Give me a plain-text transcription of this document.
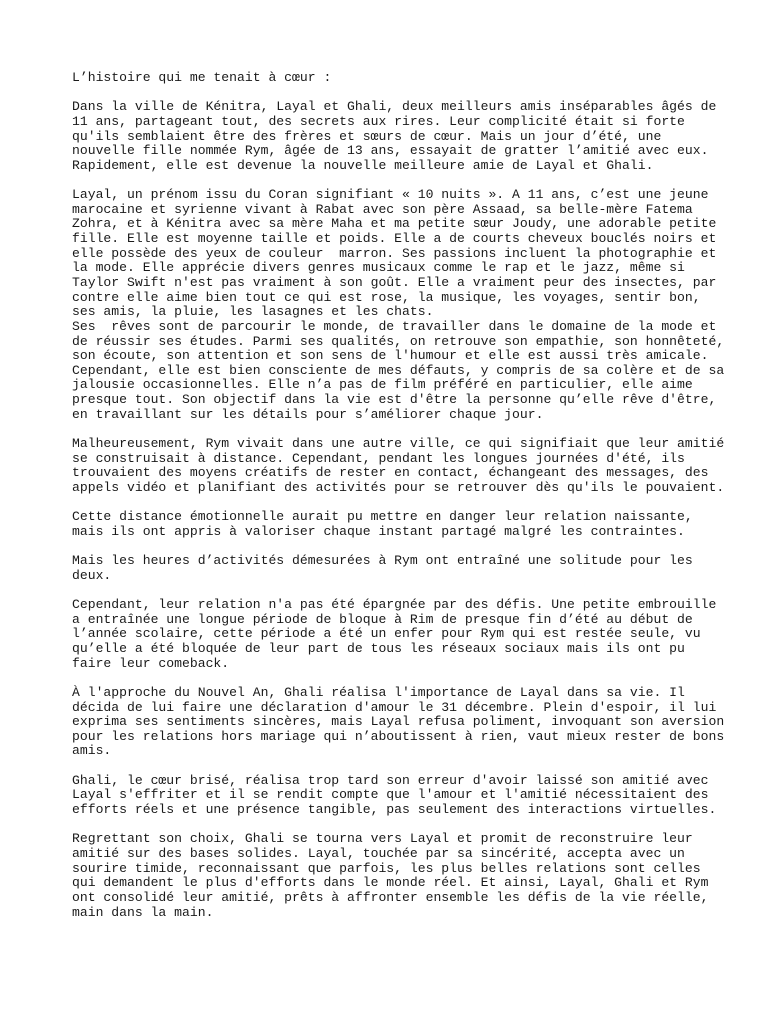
L’histoire qui me tenait à cœur :
Dans la ville de Kénitra, Layal et Ghali, deux meilleurs amis inséparables âgés de
11 ans, partageant tout, des secrets aux rires. Leur complicité était si forte
qu'ils semblaient être des frères et sœurs de cœur. Mais un jour d’été, une
nouvelle fille nommée Rym, âgée de 13 ans, essayait de gratter l’amitié avec eux.
Rapidement, elle est devenue la nouvelle meilleure amie de Layal et Ghali.
Layal, un prénom issu du Coran signifiant « 10 nuits ». A 11 ans, c’est une jeune
marocaine et syrienne vivant à Rabat avec son père Assaad, sa belle-mère Fatema
Zohra, et à Kénitra avec sa mère Maha et ma petite sœur Joudy, une adorable petite
fille. Elle est moyenne taille et poids. Elle a de courts cheveux bouclés noirs et
elle possède des yeux de couleur  marron. Ses passions incluent la photographie et
la mode. Elle apprécie divers genres musicaux comme le rap et le jazz, même si
Taylor Swift n'est pas vraiment à son goût. Elle a vraiment peur des insectes, par
contre elle aime bien tout ce qui est rose, la musique, les voyages, sentir bon,
ses amis, la pluie, les lasagnes et les chats.
Ses  rêves sont de parcourir le monde, de travailler dans le domaine de la mode et
de réussir ses études. Parmi ses qualités, on retrouve son empathie, son honnêteté,
son écoute, son attention et son sens de l'humour et elle est aussi très amicale.
Cependant, elle est bien consciente de mes défauts, y compris de sa colère et de sa
jalousie occasionnelles. Elle n’a pas de film préféré en particulier, elle aime
presque tout. Son objectif dans la vie est d'être la personne qu’elle rêve d'être,
en travaillant sur les détails pour s’améliorer chaque jour.
Malheureusement, Rym vivait dans une autre ville, ce qui signifiait que leur amitié
se construisait à distance. Cependant, pendant les longues journées d'été, ils
trouvaient des moyens créatifs de rester en contact, échangeant des messages, des
appels vidéo et planifiant des activités pour se retrouver dès qu'ils le pouvaient.
Cette distance émotionnelle aurait pu mettre en danger leur relation naissante,
mais ils ont appris à valoriser chaque instant partagé malgré les contraintes.
Mais les heures d’activités démesurées à Rym ont entraîné une solitude pour les
deux.
Cependant, leur relation n'a pas été épargnée par des défis. Une petite embrouille
a entraînée une longue période de bloque à Rim de presque fin d’été au début de
l’année scolaire, cette période a été un enfer pour Rym qui est restée seule, vu
qu’elle a été bloquée de leur part de tous les réseaux sociaux mais ils ont pu
faire leur comeback.
À l'approche du Nouvel An, Ghali réalisa l'importance de Layal dans sa vie. Il
décida de lui faire une déclaration d'amour le 31 décembre. Plein d'espoir, il lui
exprima ses sentiments sincères, mais Layal refusa poliment, invoquant son aversion
pour les relations hors mariage qui n’aboutissent à rien, vaut mieux rester de bons
amis.
Ghali, le cœur brisé, réalisa trop tard son erreur d'avoir laissé son amitié avec
Layal s'effriter et il se rendit compte que l'amour et l'amitié nécessitaient des
efforts réels et une présence tangible, pas seulement des interactions virtuelles.
Regrettant son choix, Ghali se tourna vers Layal et promit de reconstruire leur
amitié sur des bases solides. Layal, touchée par sa sincérité, accepta avec un
sourire timide, reconnaissant que parfois, les plus belles relations sont celles
qui demandent le plus d'efforts dans le monde réel. Et ainsi, Layal, Ghali et Rym
ont consolidé leur amitié, prêts à affronter ensemble les défis de la vie réelle,
main dans la main.
